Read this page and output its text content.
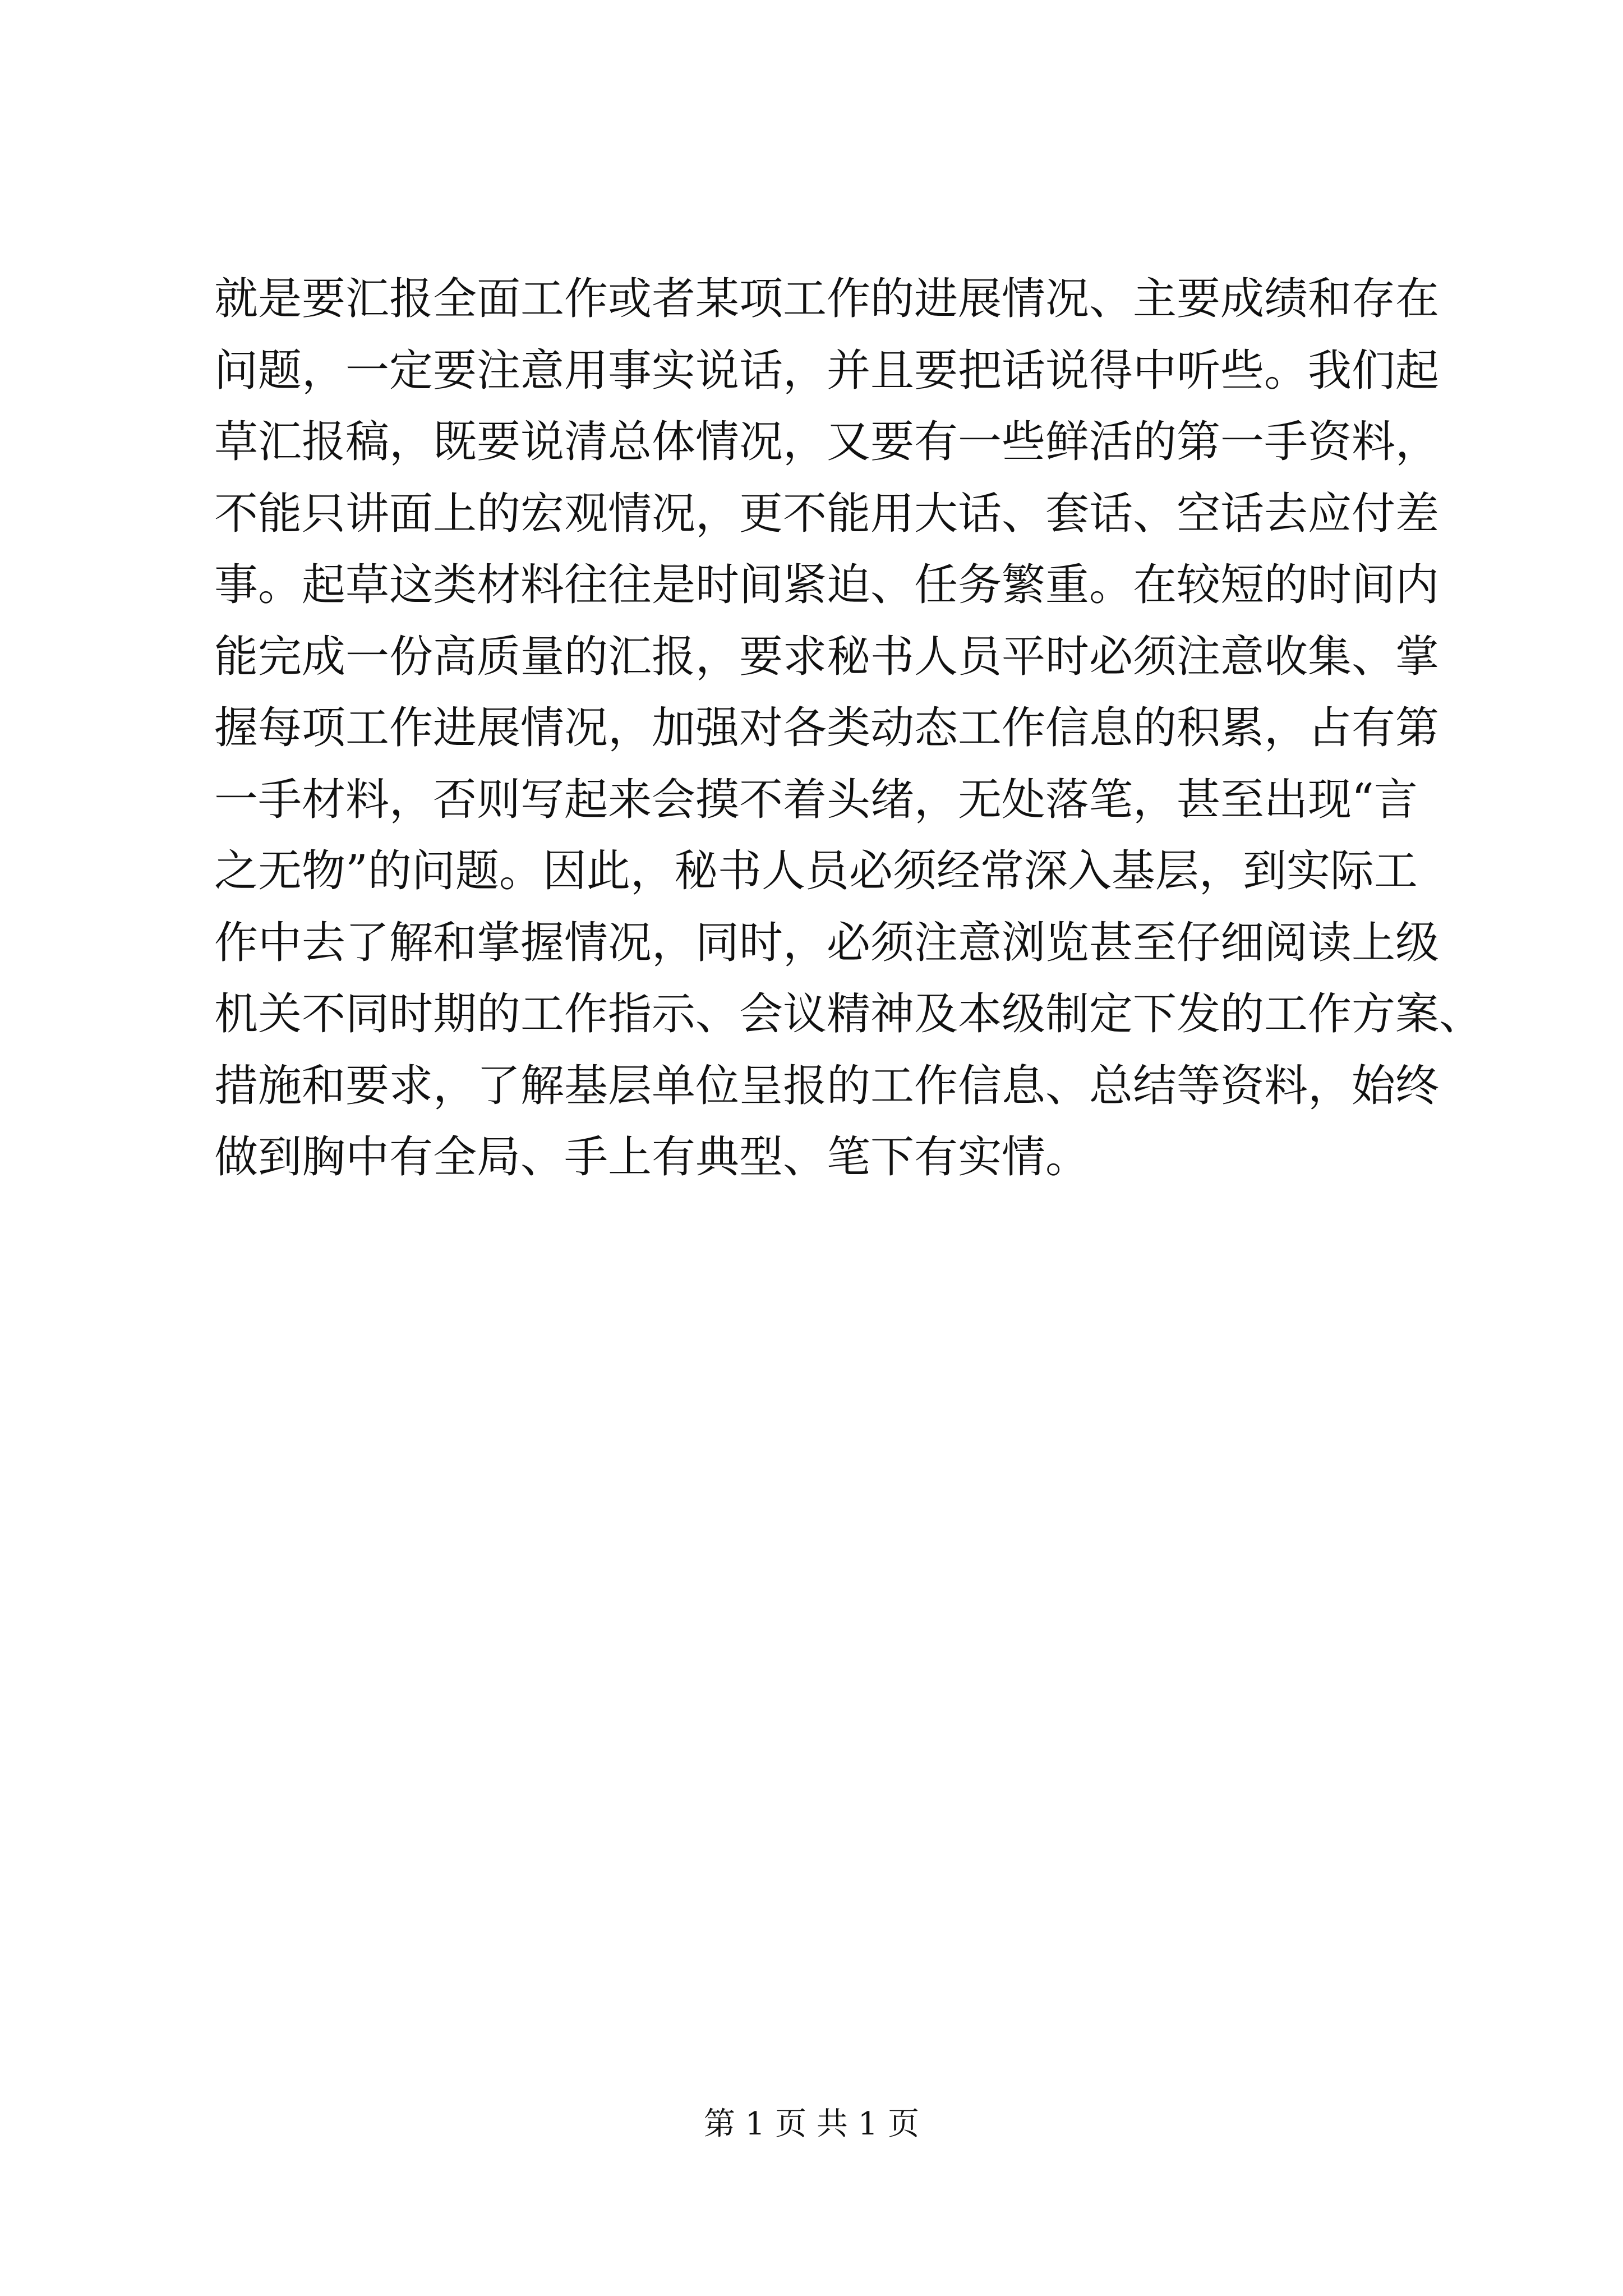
就是要汇报全面工作或者某项工作的进展情况、主要成绩和存在
问题，一定要注意用事实说话，并且要把话说得中听些。我们起
草汇报稿，既要说清总体情况，又要有一些鲜活的第一手资料，
不能只讲面上的宏观情况，更不能用大话、套话、空话去应付差
事。起草这类材料往往是时间紧迫、任务繁重。在较短的时间内
能完成一份高质量的汇报，要求秘书人员平时必须注意收集、掌
握每项工作进展情况，加强对各类动态工作信息的积累，占有第
一手材料，否则写起来会摸不着头绪，无处落笔，甚至出现“言
之无物”的问题。因此，秘书人员必须经常深入基层，到实际工
作中去了解和掌握情况，同时，必须注意浏览甚至仔细阅读上级
机关不同时期的工作指示、会议精神及本级制定下发的工作方案、
措施和要求，了解基层单位呈报的工作信息、总结等资料，始终
做到胸中有全局、手上有典型、笔下有实情。
第 1 页 共 1 页
